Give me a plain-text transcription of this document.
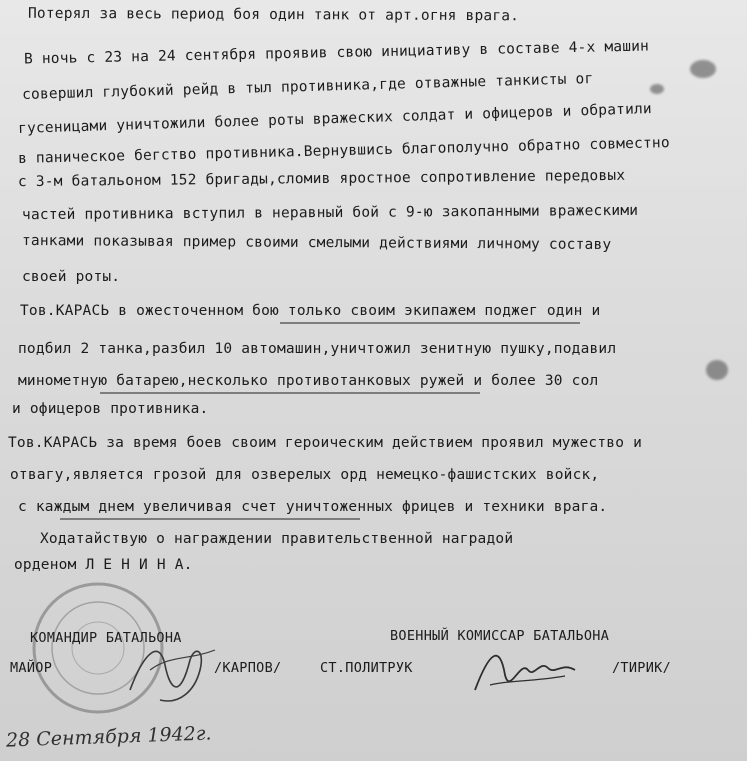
Потерял за весь период боя один танк от арт.огня врага.
В ночь с 23 на 24 сентября проявив свою инициативу в составе 4-х машин
совершил глубокий рейд в тыл противника,где отважные танкисты ог
гусеницами уничтожили более роты вражеских солдат и офицеров и обратили
в паническое бегство противника.Вернувшись благополучно обратно совместно
с 3-м батальоном 152 бригады,сломив яростное сопротивление передовых
частей противника вступил в неравный бой с 9-ю закопанными вражескими
танками показывая пример своими смелыми действиями личному составу
своей роты.
Тов.КАРАСЬ в ожесточенном бою только своим экипажем поджег один и
подбил 2 танка,разбил 10 автомашин,уничтожил зенитную пушку,подавил
минометную батарею,несколько противотанковых ружей и более 30 сол
и офицеров противника.
Тов.КАРАСЬ за время боев своим героическим действием проявил мужество и
отвагу,является грозой для озверелых орд немецко-фашистских войск,
с каждым днем увеличивая счет уничтоженных фрицев и техники врага.
Ходатайствую о награждении правительственной наградой
орденом Л Е Н И Н А.
КОМАНДИР БАТАЛЬОНА	ВОЕННЫЙ КОМИССАР БАТАЛЬОНА
МАЙОР	/КАРПОВ/	СТ.ПОЛИТРУК	/ТИРИК/
28 Сентября 1942г.
